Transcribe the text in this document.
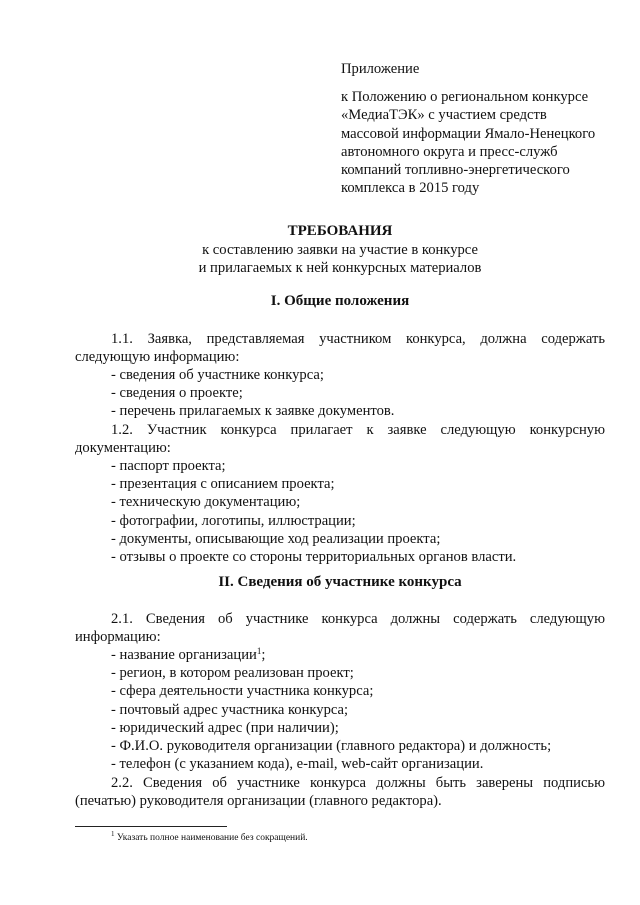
Приложение
к Положению о региональном конкурсе
«МедиаТЭК» с участием средств
массовой информации Ямало-Ненецкого
автономного округа и пресс-служб
компаний топливно-энергетического
комплекса в 2015 году
ТРЕБОВАНИЯ
к составлению заявки на участие в конкурсе
и прилагаемых к ней конкурсных материалов
I. Общие положения
1.1. Заявка, представляемая участником конкурса, должна содержать
следующую информацию:
- сведения об участнике конкурса;
- сведения о проекте;
- перечень прилагаемых к заявке документов.
1.2. Участник конкурса прилагает к заявке следующую конкурсную
документацию:
- паспорт проекта;
- презентация с описанием проекта;
- техническую документацию;
- фотографии, логотипы, иллюстрации;
- документы, описывающие ход реализации проекта;
- отзывы о проекте со стороны территориальных органов власти.
II. Сведения об участнике конкурса
2.1. Сведения об участнике конкурса должны содержать следующую
информацию:
- название организации$^1$;
- регион, в котором реализован проект;
- сфера деятельности участника конкурса;
- почтовый адрес участника конкурса;
- юридический адрес (при наличии);
- Ф.И.О. руководителя организации (главного редактора) и должность;
- телефон (с указанием кода), e-mail, web-сайт организации.
2.2. Сведения об участнике конкурса должны быть заверены подписью
(печатью) руководителя организации (главного редактора).
$^1$ Указать полное наименование без сокращений.
